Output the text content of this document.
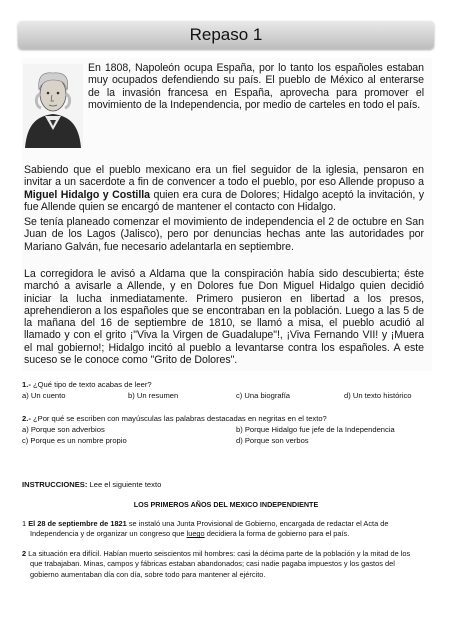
Repaso 1

En 1808, Napoleón ocupa España, por lo tanto los españoles estaban muy ocupados defendiendo su país. El pueblo de México al enterarse de la invasión francesa en España, aprovecha para promover el movimiento de la Independencia, por medio de carteles en todo el país.

Sabiendo que el pueblo mexicano era un fiel seguidor de la iglesia, pensaron en invitar a un sacerdote a fin de convencer a todo el pueblo, por eso Allende propuso a Miguel Hidalgo y Costilla quien era cura de Dolores; Hidalgo aceptó la invitación, y fue Allende quien se encargó de mantener el contacto con Hidalgo.

Se tenía planeado comenzar el movimiento de independencia el 2 de octubre en San Juan de los Lagos (Jalisco), pero por denuncias hechas ante las autoridades por Mariano Galván, fue necesario adelantarla en septiembre.

La corregidora le avisó a Aldama que la conspiración había sido descubierta; éste marchó a avisarle a Allende, y en Dolores fue Don Miguel Hidalgo quien decidió iniciar la lucha inmediatamente. Primero pusieron en libertad a los presos, aprehendieron a los españoles que se encontraban en la población. Luego a las 5 de la mañana del 16 de septiembre de 1810, se llamó a misa, el pueblo acudió al llamado y con el grito ¡"Viva la Virgen de Guadalupe"!, ¡Viva Fernando VII! y ¡Muera el mal gobierno!; Hidalgo incitó al pueblo a levantarse contra los españoles. A este suceso se le conoce como "Grito de Dolores".

1.- ¿Qué tipo de texto acabas de leer?
a) Un cuento	b) Un resumen	c) Una biografía	d) Un texto histórico
2.- ¿Por qué se escriben con mayúsculas las palabras destacadas en negritas en el texto?
a) Porque son adverbios	b) Porque Hidalgo fue jefe de la Independencia
c) Porque es un nombre propio	d) Porque son verbos
INSTRUCCIONES: Lee el siguiente texto
LOS PRIMEROS AÑOS DEL MEXICO INDEPENDIENTE
1 El 28 de septiembre de 1821 se instaló una Junta Provisional de Gobierno, encargada de redactar el Acta de
Independencia y de organizar un congreso que luego decidiera la forma de gobierno para el país.
2 La situación era difícil. Habían muerto seiscientos mil hombres: casi la décima parte de la población y la mitad de los
que trabajaban. Minas, campos y fábricas estaban abandonados; casi nadie pagaba impuestos y los gastos del
gobierno aumentaban día con día, sobre todo para mantener al ejército.
